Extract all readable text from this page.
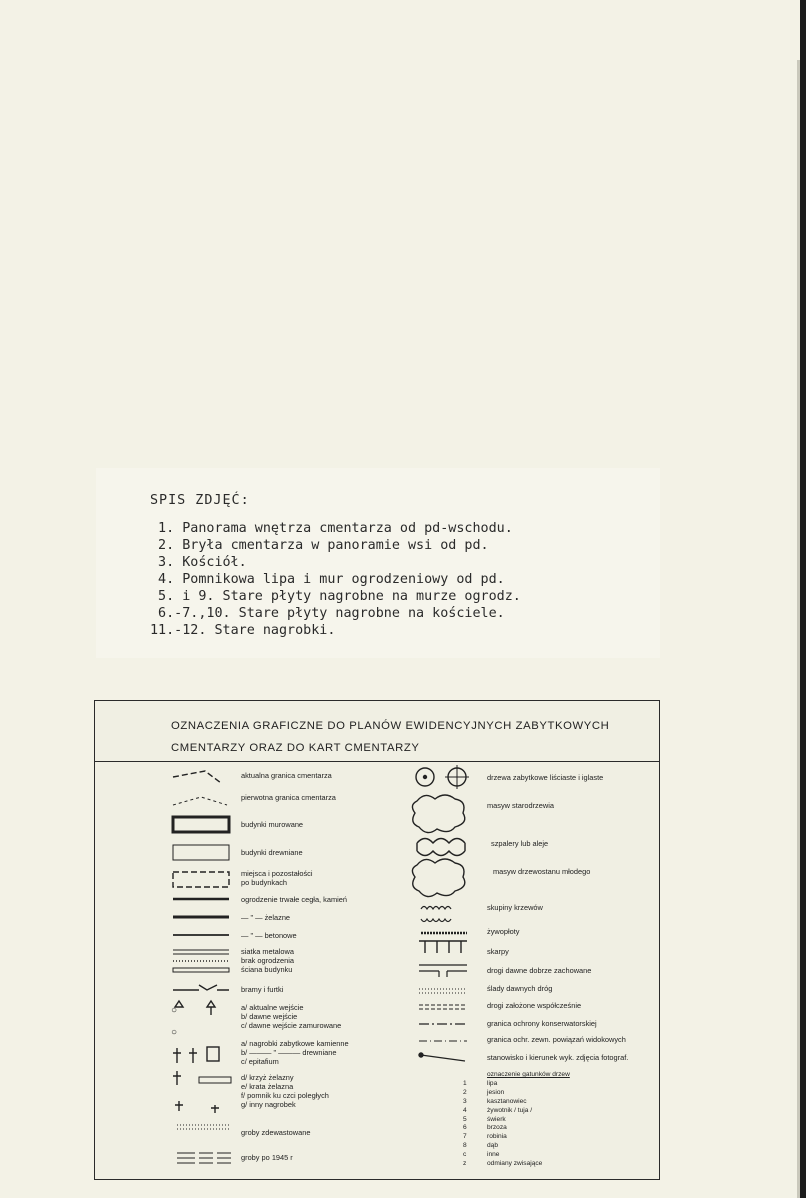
SPIS ZDJĘĆ:
1. Panorama wnętrza cmentarza od pd-wschodu.
2. Bryła cmentarza w panoramie wsi od pd.
3. Kościół.
4. Pomnikowa lipa i mur ogrodzeniowy od pd.
5. i 9. Stare płyty nagrobne na murze ogrodz.
6.-7.,10. Stare płyty nagrobne na kościele.
11.-12. Stare nagrobki.
OZNACZENIA GRAFICZNE DO PLANÓW EWIDENCYJNYCH ZABYTKOWYCH
CMENTARZY ORAZ DO KART CMENTARZY
○
○
aktualna granica cmentarza
pierwotna granica cmentarza
budynki murowane
budynki drewniane
miejsca i pozostałości
po budynkach
ogrodzenie trwałe cegła, kamień
— " — żelazne
— " — betonowe
siatka metalowa
brak ogrodzenia
ściana budynku
bramy i furtki
a/ aktualne wejście
b/ dawne wejście
c/ dawne wejście zamurowane
a/ nagrobki zabytkowe kamienne
b/ ——— " ——— drewniane
c/ epitafium
d/ krzyż żelazny
e/ krata żelazna
f/ pomnik ku czci poległych
g/ inny nagrobek
groby zdewastowane
groby po 1945 r
drzewa zabytkowe liściaste i iglaste
masyw starodrzewia
szpalery lub aleje
masyw drzewostanu młodego
skupiny krzewów
żywopłoty
skarpy
drogi dawne dobrze zachowane
ślady dawnych dróg
drogi założone współcześnie
granica ochrony konserwatorskiej
granica ochr. zewn. powiązań widokowych
stanowisko i kierunek wyk. zdjęcia fotograf.
oznaczenie gatunków drzew
1	lipa
2	jesion
3	kasztanowiec
4	żywotnik / tuja /
5	świerk
6	brzoza
7	robinia
8	dąb
c	inne
z	odmiany zwisające
